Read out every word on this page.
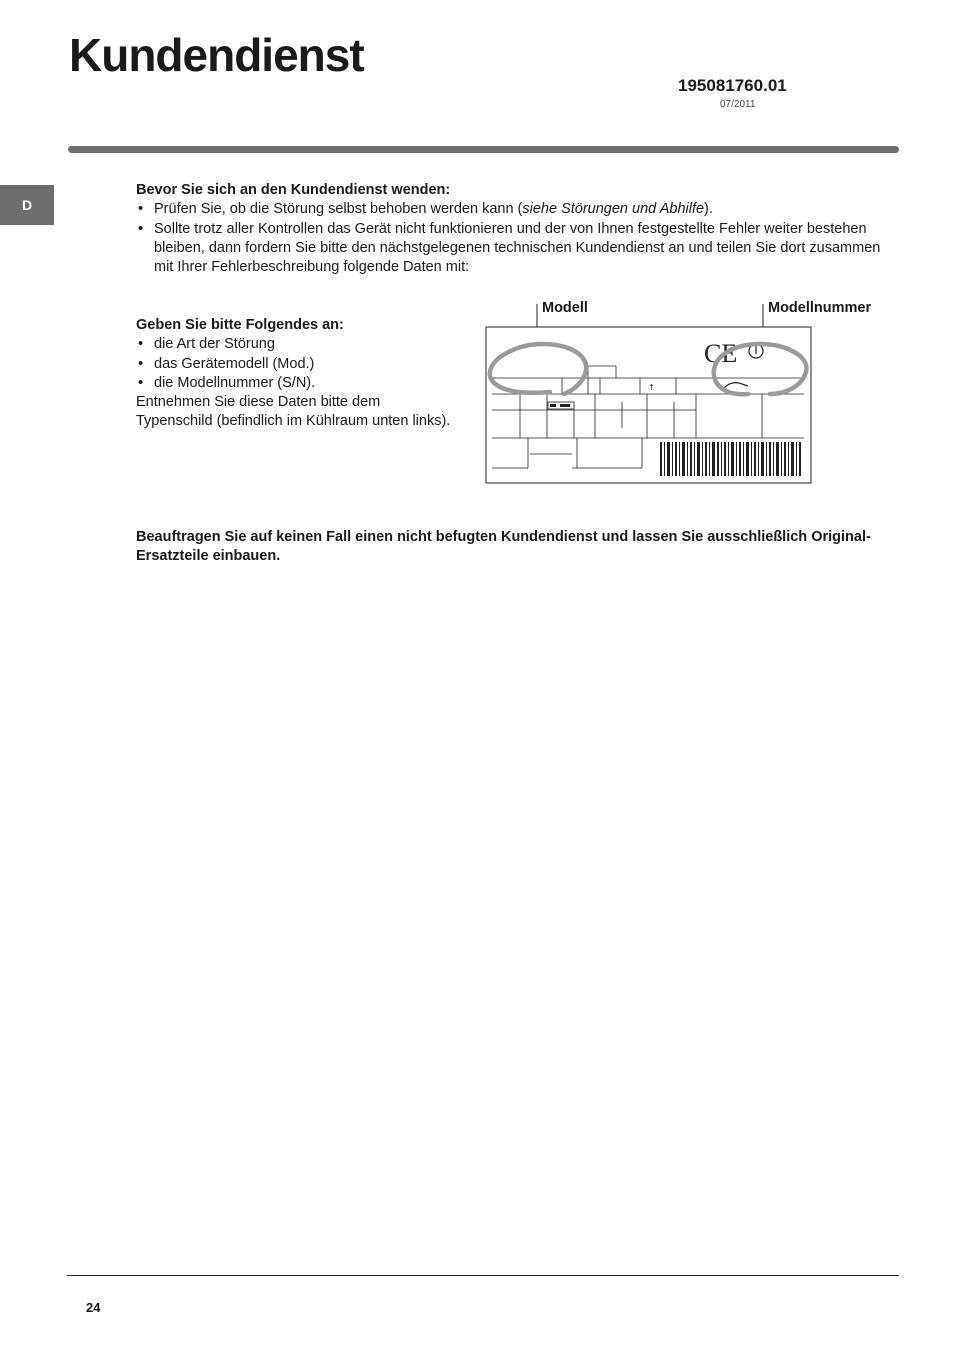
Kundendienst
195081760.01
07/2011
D
Bevor Sie sich an den Kundendienst wenden:
• Prüfen Sie, ob die Störung selbst behoben werden kann (siehe Störungen und Abhilfe).
• Sollte trotz aller Kontrollen das Gerät nicht funktionieren und der von Ihnen festgestellte Fehler weiter bestehen bleiben, dann fordern Sie bitte den nächstgelegenen technischen Kundendienst an und teilen Sie dort zusammen mit Ihrer Fehlerbeschreibung folgende Daten mit:
Geben Sie bitte Folgendes an:
• die Art der Störung
• das Gerätemodell (Mod.)
• die Modellnummer (S/N).
Entnehmen Sie diese Daten bitte dem Typenschild (befindlich im Kühlraum unten links).
Modell	Modellnummer
↑
CE
Beauftragen Sie auf keinen Fall einen nicht befugten Kundendienst und lassen Sie ausschließlich Original-Ersatzteile einbauen.
24
